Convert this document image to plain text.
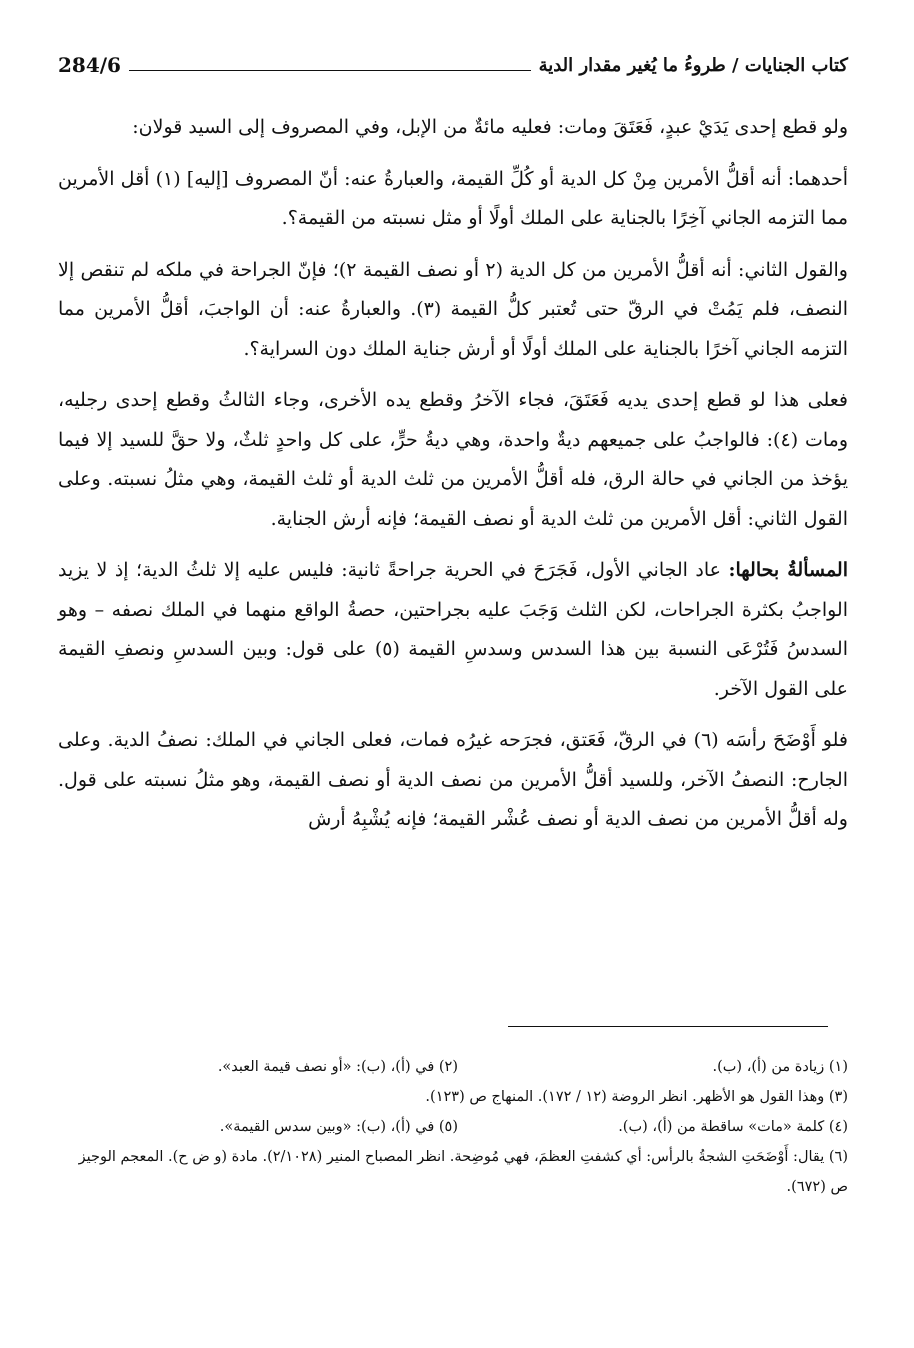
كتاب الجنايات / طروءُ ما يُغير مقدار الدية
284/6

ولو قطع إحدى يَدَيْ عبدٍ، فَعَتَقَ ومات: فعليه مائةٌ من الإبل، وفي المصروف إلى السيد قولان:

أحدهما: أنه أقلُّ الأمرين مِنْ كل الدية أو كُلِّ القيمة، والعبارةُ عنه: أنّ المصروف [إليه] (١) أقل الأمرين مما التزمه الجاني آخِرًا بالجناية على الملك أولًا أو مثل نسبته من القيمة؟.

والقول الثاني: أنه أقلُّ الأمرين من كل الدية (٢ أو نصف القيمة ٢)؛ فإنّ الجراحة في ملكه لم تنقص إلا النصف، فلم يَمُتْ في الرقّ حتى تُعتبر كلُّ القيمة (٣). والعبارةُ عنه: أن الواجبَ، أقلُّ الأمرين مما التزمه الجاني آخرًا بالجناية على الملك أولًا أو أرش جناية الملك دون السراية؟.

فعلى هذا لو قطع إحدى يديه فَعَتَقَ، فجاء الآخرُ وقطع يده الأخرى، وجاء الثالثُ وقطع إحدى رجليه، ومات (٤): فالواجبُ على جميعهم ديةٌ واحدة، وهي ديةُ حرٍّ، على كل واحدٍ ثلثٌ، ولا حقَّ للسيد إلا فيما يؤخذ من الجاني في حالة الرق، فله أقلُّ الأمرين من ثلث الدية أو ثلث القيمة، وهي مثلُ نسبته. وعلى القول الثاني: أقل الأمرين من ثلث الدية أو نصف القيمة؛ فإنه أرش الجناية.

المسألةُ بحالها: عاد الجاني الأول، فَجَرَحَ في الحرية جراحةً ثانية: فليس عليه إلا ثلثُ الدية؛ إذ لا يزيد الواجبُ بكثرة الجراحات، لكن الثلث وَجَبَ عليه بجراحتين، حصةُ الواقع منهما في الملك نصفه – وهو السدسُ فَتُرْعَى النسبة بين هذا السدس وسدسِ القيمة (٥) على قول: وبين السدسِ ونصفِ القيمة على القول الآخر.

فلو أَوْضَحَ رأسَه (٦) في الرقّ، فَعَتق، فجرَحه غيرُه فمات، فعلى الجاني في الملك: نصفُ الدية. وعلى الجارح: النصفُ الآخر، وللسيد أقلُّ الأمرين من نصف الدية أو نصف القيمة، وهو مثلُ نسبته على قول. وله أقلُّ الأمرين من نصف الدية أو نصف عُشْر القيمة؛ فإنه يُشْبِهُ أرش

(١) زيادة من (أ)، (ب).
(٢) في (أ)، (ب): «أو نصف قيمة العبد».
(٣) وهذا القول هو الأظهر. انظر الروضة (١٢ / ١٧٢). المنهاج ص (١٢٣).
(٤) كلمة «مات» ساقطة من (أ)، (ب).
(٥) في (أ)، (ب): «وبين سدس القيمة».
(٦) يقال: أَوْضَحَتِ الشجةُ بالرأس: أي كشفتِ العظمَ، فهي مُوضِحة. انظر المصباح المنير (٢/١٠٢٨). مادة (و ض ح). المعجم الوجيز ص (٦٧٢).
